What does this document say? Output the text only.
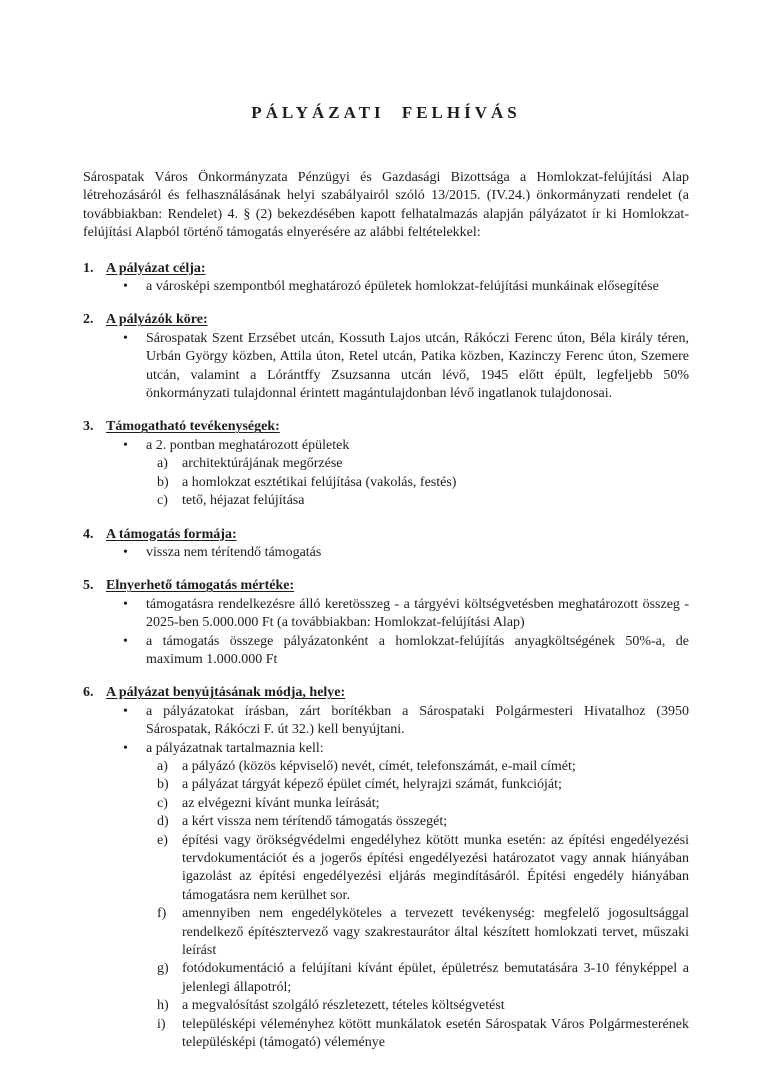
PÁLYÁZATI FELHÍVÁS

Sárospatak Város Önkormányzata Pénzügyi és Gazdasági Bizottsága a Homlokzat-felújítási Alap létrehozásáról és felhasználásának helyi szabályairól szóló 13/2015. (IV.24.) önkormányzati rendelet (a továbbiakban: Rendelet) 4. § (2) bekezdésében kapott felhatalmazás alapján pályázatot ír ki Homlokzat-felújítási Alapból történő támogatás elnyerésére az alábbi feltételekkel:

1. A pályázat célja:
•	a városképi szempontból meghatározó épületek homlokzat-felújítási munkáinak elősegítése
2. A pályázók köre:
•	Sárospatak Szent Erzsébet utcán, Kossuth Lajos utcán, Rákóczi Ferenc úton, Béla király téren, Urbán György közben, Attila úton, Retel utcán, Patika közben, Kazinczy Ferenc úton, Szemere utcán, valamint a Lórántffy Zsuzsanna utcán lévő, 1945 előtt épült, legfeljebb 50% önkormányzati tulajdonnal érintett magántulajdonban lévő ingatlanok tulajdonosai.
3. Támogatható tevékenységek:
•	a 2. pontban meghatározott épületek
a)	architektúrájának megőrzése
b) a homlokzat esztétikai felújítása (vakolás, festés)
c)	tető, héjazat felújítása
4. A támogatás formája:
•	vissza nem térítendő támogatás
5. Elnyerhető támogatás mértéke:
•	támogatásra rendelkezésre álló keretösszeg - a tárgyévi költségvetésben meghatározott összeg - 2025-ben 5.000.000 Ft (a továbbiakban: Homlokzat-felújítási Alap)
•	a támogatás összege pályázatonként a homlokzat-felújítás anyagköltségének 50%-a, de maximum 1.000.000 Ft
6. A pályázat benyújtásának módja, helye:
•	a pályázatokat írásban, zárt borítékban a Sárospataki Polgármesteri Hivatalhoz (3950 Sárospatak, Rákóczi F. út 32.) kell benyújtani.
•	a pályázatnak tartalmaznia kell:
a)	a pályázó (közös képviselő) nevét, címét, telefonszámát, e-mail címét;
b) a pályázat tárgyát képező épület címét, helyrajzi számát, funkcióját;
c)	az elvégezni kívánt munka leírását;
d) a kért vissza nem térítendő támogatás összegét;
e)	építési vagy örökségvédelmi engedélyhez kötött munka esetén: az építési engedélyezési tervdokumentációt és a jogerős építési engedélyezési határozatot vagy annak hiányában igazolást az építési engedélyezési eljárás megindításáról. Építési engedély hiányában támogatásra nem kerülhet sor.
f)	amennyiben nem engedélyköteles a tervezett tevékenység: megfelelő jogosultsággal rendelkező építésztervező vagy szakrestaurátor által készített homlokzati tervet, műszaki leírást
g) fotódokumentáció a felújítani kívánt épület, épületrész bemutatására 3-10 fényképpel a jelenlegi állapotról;
h) a megvalósítást szolgáló részletezett, tételes költségvetést
i)	településképi véleményhez kötött munkálatok esetén Sárospatak Város Polgármesterének településképi (támogató) véleménye
